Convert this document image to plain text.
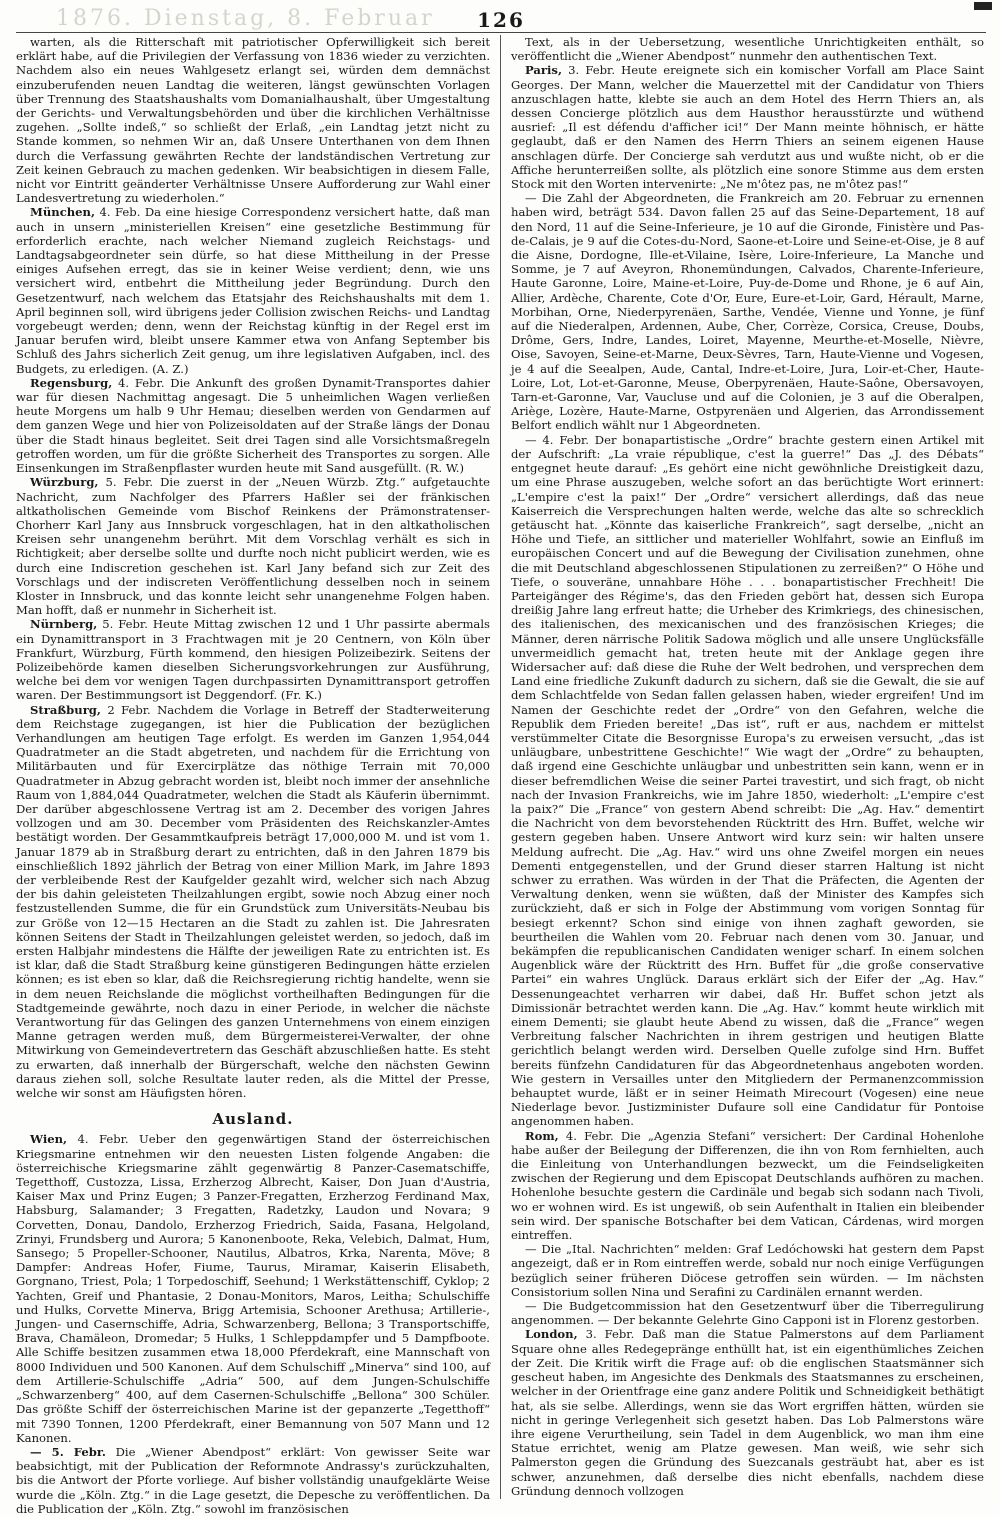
1876. Dienstag, 8. Februar	126

warten, als die Ritterschaft mit patriotischer Opferwilligkeit sich bereit erklärt habe, auf die Privilegien der Verfassung von 1836 wieder zu verzichten. Nachdem also ein neues Wahlgesetz erlangt sei, würden dem demnächst einzuberufenden neuen Landtag die weiteren, längst gewünschten Vorlagen über Trennung des Staatshaushalts vom Domanialhaushalt, über Umgestaltung der Gerichts- und Verwaltungsbehörden und über die kirchlichen Verhältnisse zugehen. „Sollte indeß,“ so schließt der Erlaß, „ein Landtag jetzt nicht zu Stande kommen, so nehmen Wir an, daß Unsere Unterthanen von dem Ihnen durch die Verfassung gewährten Rechte der landständischen Vertretung zur Zeit keinen Gebrauch zu machen gedenken. Wir beabsichtigen in diesem Falle, nicht vor Eintritt geänderter Verhältnisse Unsere Aufforderung zur Wahl einer Landesvertretung zu wiederholen.“

München, 4. Feb. Da eine hiesige Correspondenz versichert hatte, daß man auch in unsern „ministeriellen Kreisen“ eine gesetzliche Bestimmung für erforderlich erachte, nach welcher Niemand zugleich Reichstags- und Landtagsabgeordneter sein dürfe, so hat diese Mittheilung in der Presse einiges Aufsehen erregt, das sie in keiner Weise verdient; denn, wie uns versichert wird, entbehrt die Mittheilung jeder Begründung. Durch den Gesetzentwurf, nach welchem das Etatsjahr des Reichshaushalts mit dem 1. April beginnen soll, wird übrigens jeder Collision zwischen Reichs- und Landtag vorgebeugt werden; denn, wenn der Reichstag künftig in der Regel erst im Januar berufen wird, bleibt unsere Kammer etwa von Anfang September bis Schluß des Jahrs sicherlich Zeit genug, um ihre legislativen Aufgaben, incl. des Budgets, zu erledigen. (A. Z.)

Regensburg, 4. Febr. Die Ankunft des großen Dynamit-Transportes dahier war für diesen Nachmittag angesagt. Die 5 unheimlichen Wagen verließen heute Morgens um halb 9 Uhr Hemau; dieselben werden von Gendarmen auf dem ganzen Wege und hier von Polizeisoldaten auf der Straße längs der Donau über die Stadt hinaus begleitet. Seit drei Tagen sind alle Vorsichtsmaßregeln getroffen worden, um für die größte Sicherheit des Transportes zu sorgen. Alle Einsenkungen im Straßenpflaster wurden heute mit Sand ausgefüllt. (R. W.)

Würzburg, 5. Febr. Die zuerst in der „Neuen Würzb. Ztg.“ aufgetauchte Nachricht, zum Nachfolger des Pfarrers Haßler sei der fränkischen altkatholischen Gemeinde vom Bischof Reinkens der Prämonstratenser-Chorherr Karl Jany aus Innsbruck vorgeschlagen, hat in den altkatholischen Kreisen sehr unangenehm berührt. Mit dem Vorschlag verhält es sich in Richtigkeit; aber derselbe sollte und durfte noch nicht publicirt werden, wie es durch eine Indiscretion geschehen ist. Karl Jany befand sich zur Zeit des Vorschlags und der indiscreten Veröffentlichung desselben noch in seinem Kloster in Innsbruck, und das konnte leicht sehr unangenehme Folgen haben. Man hofft, daß er nunmehr in Sicherheit ist.

Nürnberg, 5. Febr. Heute Mittag zwischen 12 und 1 Uhr passirte abermals ein Dynamittransport in 3 Frachtwagen mit je 20 Centnern, von Köln über Frankfurt, Würzburg, Fürth kommend, den hiesigen Polizeibezirk. Seitens der Polizeibehörde kamen dieselben Sicherungsvorkehrungen zur Ausführung, welche bei dem vor wenigen Tagen durchpassirten Dynamittransport getroffen waren. Der Bestimmungsort ist Deggendorf. (Fr. K.)

Straßburg, 2 Febr. Nachdem die Vorlage in Betreff der Stadterweiterung dem Reichstage zugegangen, ist hier die Publication der bezüglichen Verhandlungen am heutigen Tage erfolgt. Es werden im Ganzen 1,954,044 Quadratmeter an die Stadt abgetreten, und nachdem für die Errichtung von Militärbauten und für Exercirplätze das nöthige Terrain mit 70,000 Quadratmeter in Abzug gebracht worden ist, bleibt noch immer der ansehnliche Raum von 1,884,044 Quadratmeter, welchen die Stadt als Käuferin übernimmt. Der darüber abgeschlossene Vertrag ist am 2. December des vorigen Jahres vollzogen und am 30. December vom Präsidenten des Reichskanzler-Amtes bestätigt worden. Der Gesammtkaufpreis beträgt 17,000,000 M. und ist vom 1. Januar 1879 ab in Straßburg derart zu entrichten, daß in den Jahren 1879 bis einschließlich 1892 jährlich der Betrag von einer Million Mark, im Jahre 1893 der verbleibende Rest der Kaufgelder gezahlt wird, welcher sich nach Abzug der bis dahin geleisteten Theilzahlungen ergibt, sowie noch Abzug einer noch festzustellenden Summe, die für ein Grundstück zum Universitäts-Neubau bis zur Größe von 12—15 Hectaren an die Stadt zu zahlen ist. Die Jahresraten können Seitens der Stadt in Theilzahlungen geleistet werden, so jedoch, daß im ersten Halbjahr mindestens die Hälfte der jeweiligen Rate zu entrichten ist. Es ist klar, daß die Stadt Straßburg keine günstigeren Bedingungen hätte erzielen können; es ist eben so klar, daß die Reichsregierung richtig handelte, wenn sie in dem neuen Reichslande die möglichst vortheilhaften Bedingungen für die Stadtgemeinde gewährte, noch dazu in einer Periode, in welcher die nächste Verantwortung für das Gelingen des ganzen Unternehmens von einem einzigen Manne getragen werden muß, dem Bürgermeisterei-Verwalter, der ohne Mitwirkung von Gemeindevertretern das Geschäft abzuschließen hatte. Es steht zu erwarten, daß innerhalb der Bürgerschaft, welche den nächsten Gewinn daraus ziehen soll, solche Resultate lauter reden, als die Mittel der Presse, welche wir sonst am Häufigsten hören.

Ausland.

Wien, 4. Febr. Ueber den gegenwärtigen Stand der österreichischen Kriegsmarine entnehmen wir den neuesten Listen folgende Angaben: die österreichische Kriegsmarine zählt gegenwärtig 8 Panzer-Casematschiffe, Tegetthoff, Custozza, Lissa, Erzherzog Albrecht, Kaiser, Don Juan d'Austria, Kaiser Max und Prinz Eugen; 3 Panzer-Fregatten, Erzherzog Ferdinand Max, Habsburg, Salamander; 3 Fregatten, Radetzky, Laudon und Novara; 9 Corvetten, Donau, Dandolo, Erzherzog Friedrich, Saida, Fasana, Helgoland, Zrinyi, Frundsberg und Aurora; 5 Kanonenboote, Reka, Velebich, Dalmat, Hum, Sansego; 5 Propeller-Schooner, Nautilus, Albatros, Krka, Narenta, Möve; 8 Dampfer: Andreas Hofer, Fiume, Taurus, Miramar, Kaiserin Elisabeth, Gorgnano, Triest, Pola; 1 Torpedoschiff, Seehund; 1 Werkstättenschiff, Cyklop; 2 Yachten, Greif und Phantasie, 2 Donau-Monitors, Maros, Leitha; Schulschiffe und Hulks, Corvette Minerva, Brigg Artemisia, Schooner Arethusa; Artillerie-, Jungen- und Casernschiffe, Adria, Schwarzenberg, Bellona; 3 Transportschiffe, Brava, Chamäleon, Dromedar; 5 Hulks, 1 Schleppdampfer und 5 Dampfboote. Alle Schiffe besitzen zusammen etwa 18,000 Pferdekraft, eine Mannschaft von 8000 Individuen und 500 Kanonen. Auf dem Schulschiff „Minerva“ sind 100, auf dem Artillerie-Schulschiffe „Adria“ 500, auf dem Jungen-Schulschiffe „Schwarzenberg“ 400, auf dem Casernen-Schulschiffe „Bellona“ 300 Schüler. Das größte Schiff der österreichischen Marine ist der gepanzerte „Tegetthoff“ mit 7390 Tonnen, 1200 Pferdekraft, einer Bemannung von 507 Mann und 12 Kanonen.

— 5. Febr. Die „Wiener Abendpost“ erklärt: Von gewisser Seite war beabsichtigt, mit der Publication der Reformnote Andrassy's zurückzuhalten, bis die Antwort der Pforte vorliege. Auf bisher vollständig unaufgeklärte Weise wurde die „Köln. Ztg.“ in die Lage gesetzt, die Depesche zu veröffentlichen. Da die Publication der „Köln. Ztg.“ sowohl im französischen

Text, als in der Uebersetzung, wesentliche Unrichtigkeiten enthält, so veröffentlicht die „Wiener Abendpost“ nunmehr den authentischen Text.

Paris, 3. Febr. Heute ereignete sich ein komischer Vorfall am Place Saint Georges. Der Mann, welcher die Mauerzettel mit der Candidatur von Thiers anzuschlagen hatte, klebte sie auch an dem Hotel des Herrn Thiers an, als dessen Concierge plötzlich aus dem Hausthor herausstürzte und wüthend ausrief: „Il est défendu d'afficher ici!“ Der Mann meinte höhnisch, er hätte geglaubt, daß er den Namen des Herrn Thiers an seinem eigenen Hause anschlagen dürfe. Der Concierge sah verdutzt aus und wußte nicht, ob er die Affiche herunterreißen sollte, als plötzlich eine sonore Stimme aus dem ersten Stock mit den Worten intervenirte: „Ne m'ôtez pas, ne m'ôtez pas!“

— Die Zahl der Abgeordneten, die Frankreich am 20. Februar zu ernennen haben wird, beträgt 534. Davon fallen 25 auf das Seine-Departement, 18 auf den Nord, 11 auf die Seine-Inferieure, je 10 auf die Gironde, Finistère und Pas-de-Calais, je 9 auf die Cotes-du-Nord, Saone-et-Loire und Seine-et-Oise, je 8 auf die Aisne, Dordogne, Ille-et-Vilaine, Isère, Loire-Inferieure, La Manche und Somme, je 7 auf Aveyron, Rhonemündungen, Calvados, Charente-Inferieure, Haute Garonne, Loire, Maine-et-Loire, Puy-de-Dome und Rhone, je 6 auf Ain, Allier, Ardèche, Charente, Cote d'Or, Eure, Eure-et-Loir, Gard, Hérault, Marne, Morbihan, Orne, Niederpyrenäen, Sarthe, Vendée, Vienne und Yonne, je fünf auf die Niederalpen, Ardennen, Aube, Cher, Corrèze, Corsica, Creuse, Doubs, Drôme, Gers, Indre, Landes, Loiret, Mayenne, Meurthe-et-Moselle, Nièvre, Oise, Savoyen, Seine-et-Marne, Deux-Sèvres, Tarn, Haute-Vienne und Vogesen, je 4 auf die Seealpen, Aude, Cantal, Indre-et-Loire, Jura, Loir-et-Cher, Haute-Loire, Lot, Lot-et-Garonne, Meuse, Oberpyrenäen, Haute-Saône, Obersavoyen, Tarn-et-Garonne, Var, Vaucluse und auf die Colonien, je 3 auf die Oberalpen, Ariège, Lozère, Haute-Marne, Ostpyrenäen und Algerien, das Arrondissement Belfort endlich wählt nur 1 Abgeordneten.

— 4. Febr. Der bonapartistische „Ordre“ brachte gestern einen Artikel mit der Aufschrift: „La vraie république, c'est la guerre!“ Das „J. des Débats“ entgegnet heute darauf: „Es gehört eine nicht gewöhnliche Dreistigkeit dazu, um eine Phrase auszugeben, welche sofort an das berüchtigte Wort erinnert: „L'empire c'est la paix!“ Der „Ordre“ versichert allerdings, daß das neue Kaiserreich die Versprechungen halten werde, welche das alte so schrecklich getäuscht hat. „Könnte das kaiserliche Frankreich“, sagt derselbe, „nicht an Höhe und Tiefe, an sittlicher und materieller Wohlfahrt, sowie an Einfluß im europäischen Concert und auf die Bewegung der Civilisation zunehmen, ohne die mit Deutschland abgeschlossenen Stipulationen zu zerreißen?“ O Höhe und Tiefe, o souveräne, unnahbare Höhe . . . bonapartistischer Frechheit! Die Parteigänger des Régime's, das den Frieden gebört hat, dessen sich Europa dreißig Jahre lang erfreut hatte; die Urheber des Krimkriegs, des chinesischen, des italienischen, des mexicanischen und des französischen Krieges; die Männer, deren närrische Politik Sadowa möglich und alle unsere Unglücksfälle unvermeidlich gemacht hat, treten heute mit der Anklage gegen ihre Widersacher auf: daß diese die Ruhe der Welt bedrohen, und versprechen dem Land eine friedliche Zukunft dadurch zu sichern, daß sie die Gewalt, die sie auf dem Schlachtfelde von Sedan fallen gelassen haben, wieder ergreifen! Und im Namen der Geschichte redet der „Ordre“ von den Gefahren, welche die Republik dem Frieden bereite! „Das ist“, ruft er aus, nachdem er mittelst verstümmelter Citate die Besorgnisse Europa's zu erweisen versucht, „das ist unläugbare, unbestrittene Geschichte!“ Wie wagt der „Ordre“ zu behaupten, daß irgend eine Geschichte unläugbar und unbestritten sein kann, wenn er in dieser befremdlichen Weise die seiner Partei travestirt, und sich fragt, ob nicht nach der Invasion Frankreichs, wie im Jahre 1850, wiederholt: „L'empire c'est la paix?“ Die „France“ von gestern Abend schreibt: Die „Ag. Hav.“ dementirt die Nachricht von dem bevorstehenden Rücktritt des Hrn. Buffet, welche wir gestern gegeben haben. Unsere Antwort wird kurz sein: wir halten unsere Meldung aufrecht. Die „Ag. Hav.“ wird uns ohne Zweifel morgen ein neues Dementi entgegenstellen, und der Grund dieser starren Haltung ist nicht schwer zu errathen. Was würden in der That die Präfecten, die Agenten der Verwaltung denken, wenn sie wüßten, daß der Minister des Kampfes sich zurückzieht, daß er sich in Folge der Abstimmung vom vorigen Sonntag für besiegt erkennt? Schon sind einige von ihnen zaghaft geworden, sie beurtheilen die Wahlen vom 20. Februar nach denen vom 30. Januar, und bekämpfen die republicanischen Candidaten weniger scharf. In einem solchen Augenblick wäre der Rücktritt des Hrn. Buffet für „die große conservative Partei“ ein wahres Unglück. Daraus erklärt sich der Eifer der „Ag. Hav.“ Dessenungeachtet verharren wir dabei, daß Hr. Buffet schon jetzt als Dimissionär betrachtet werden kann. Die „Ag. Hav.“ kommt heute wirklich mit einem Dementi; sie glaubt heute Abend zu wissen, daß die „France“ wegen Verbreitung falscher Nachrichten in ihrem gestrigen und heutigen Blatte gerichtlich belangt werden wird. Derselben Quelle zufolge sind Hrn. Buffet bereits fünfzehn Candidaturen für das Abgeordnetenhaus angeboten worden. Wie gestern in Versailles unter den Mitgliedern der Permanenzcommission behauptet wurde, läßt er in seiner Heimath Mirecourt (Vogesen) eine neue Niederlage bevor. Justizminister Dufaure soll eine Candidatur für Pontoise angenommen haben.

Rom, 4. Febr. Die „Agenzia Stefani“ versichert: Der Cardinal Hohenlohe habe außer der Beilegung der Differenzen, die ihn von Rom fernhielten, auch die Einleitung von Unterhandlungen bezweckt, um die Feindseligkeiten zwischen der Regierung und dem Episcopat Deutschlands aufhören zu machen. Hohenlohe besuchte gestern die Cardinäle und begab sich sodann nach Tivoli, wo er wohnen wird. Es ist ungewiß, ob sein Aufenthalt in Italien ein bleibender sein wird. Der spanische Botschafter bei dem Vatican, Cárdenas, wird morgen eintreffen.

— Die „Ital. Nachrichten“ melden: Graf Ledóchowski hat gestern dem Papst angezeigt, daß er in Rom eintreffen werde, sobald nur noch einige Verfügungen bezüglich seiner früheren Diöcese getroffen sein würden. — Im nächsten Consistorium sollen Nina und Serafini zu Cardinälen ernannt werden.

— Die Budgetcommission hat den Gesetzentwurf über die Tiberregulirung angenommen. — Der bekannte Gelehrte Gino Capponi ist in Florenz gestorben.

London, 3. Febr. Daß man die Statue Palmerstons auf dem Parliament Square ohne alles Redegepränge enthüllt hat, ist ein eigenthümliches Zeichen der Zeit. Die Kritik wirft die Frage auf: ob die englischen Staatsmänner sich gescheut haben, im Angesichte des Denkmals des Staatsmannes zu erscheinen, welcher in der Orientfrage eine ganz andere Politik und Schneidigkeit bethätigt hat, als sie selbe. Allerdings, wenn sie das Wort ergriffen hätten, würden sie nicht in geringe Verlegenheit sich gesetzt haben. Das Lob Palmerstons wäre ihre eigene Verurtheilung, sein Tadel in dem Augenblick, wo man ihm eine Statue errichtet, wenig am Platze gewesen. Man weiß, wie sehr sich Palmerston gegen die Gründung des Suezcanals gesträubt hat, aber es ist schwer, anzunehmen, daß derselbe dies nicht ebenfalls, nachdem diese Gründung dennoch vollzogen
